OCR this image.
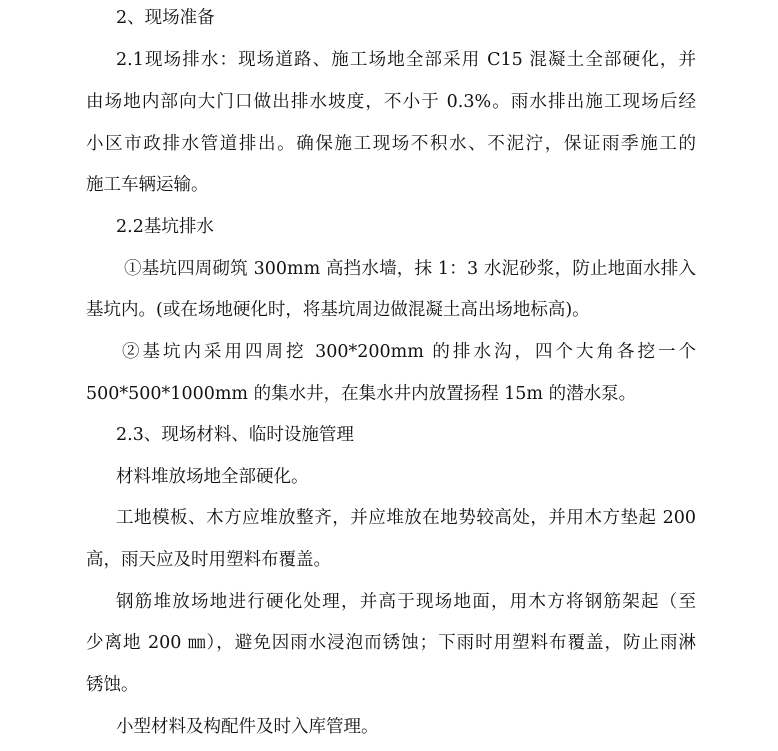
2、现场准备
2.1现场排水：现场道路、施工场地全部采用 C15 混凝土全部硬化，并
由场地内部向大门口做出排水坡度，不小于 0.3%。雨水排出施工现场后经
小区市政排水管道排出。确保施工现场不积水、不泥泞，保证雨季施工的
施工车辆运输。
2.2基坑排水
①基坑四周砌筑 300mm 高挡水墙，抹 1：3 水泥砂浆，防止地面水排入
基坑内。(或在场地硬化时，将基坑周边做混凝土高出场地标高)。
②基坑内采用四周挖 300*200mm 的排水沟，四个大角各挖一个
500*500*1000mm 的集水井，在集水井内放置扬程 15m 的潜水泵。
2.3、现场材料、临时设施管理
材料堆放场地全部硬化。
工地模板、木方应堆放整齐，并应堆放在地势较高处，并用木方垫起 200
高，雨天应及时用塑料布覆盖。
钢筋堆放场地进行硬化处理，并高于现场地面，用木方将钢筋架起（至
少离地 200 ㎜），避免因雨水浸泡而锈蚀；下雨时用塑料布覆盖，防止雨淋
锈蚀。
小型材料及构配件及时入库管理。
